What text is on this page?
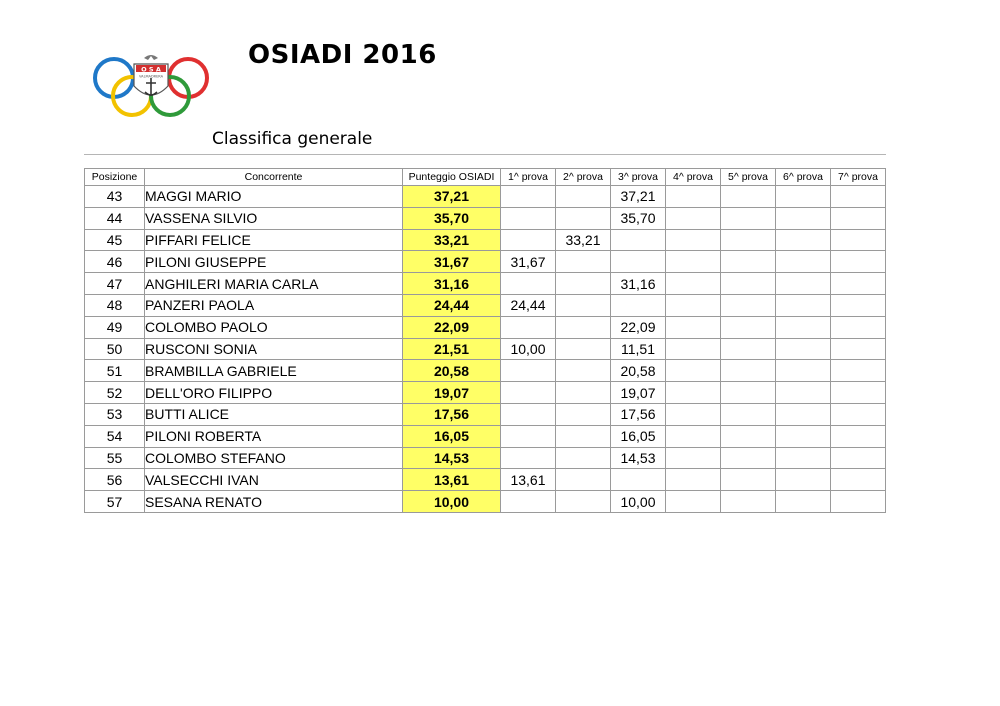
O S A
VALMADRERA
OSIADI 2016
Classifica generale
Posizione	Concorrente	Punteggio OSIADI	1^ prova	2^ prova	3^ prova	4^ prova	5^ prova	6^ prova	7^ prova
43	MAGGI MARIO	37,21			37,21				
44	VASSENA SILVIO	35,70			35,70				
45	PIFFARI FELICE	33,21		33,21					
46	PILONI GIUSEPPE	31,67	31,67						
47	ANGHILERI MARIA CARLA	31,16			31,16				
48	PANZERI PAOLA	24,44	24,44						
49	COLOMBO PAOLO	22,09			22,09				
50	RUSCONI SONIA	21,51	10,00		11,51				
51	BRAMBILLA GABRIELE	20,58			20,58				
52	DELL'ORO FILIPPO	19,07			19,07				
53	BUTTI ALICE	17,56			17,56				
54	PILONI ROBERTA	16,05			16,05				
55	COLOMBO STEFANO	14,53			14,53				
56	VALSECCHI IVAN	13,61	13,61						
57	SESANA RENATO	10,00			10,00				
